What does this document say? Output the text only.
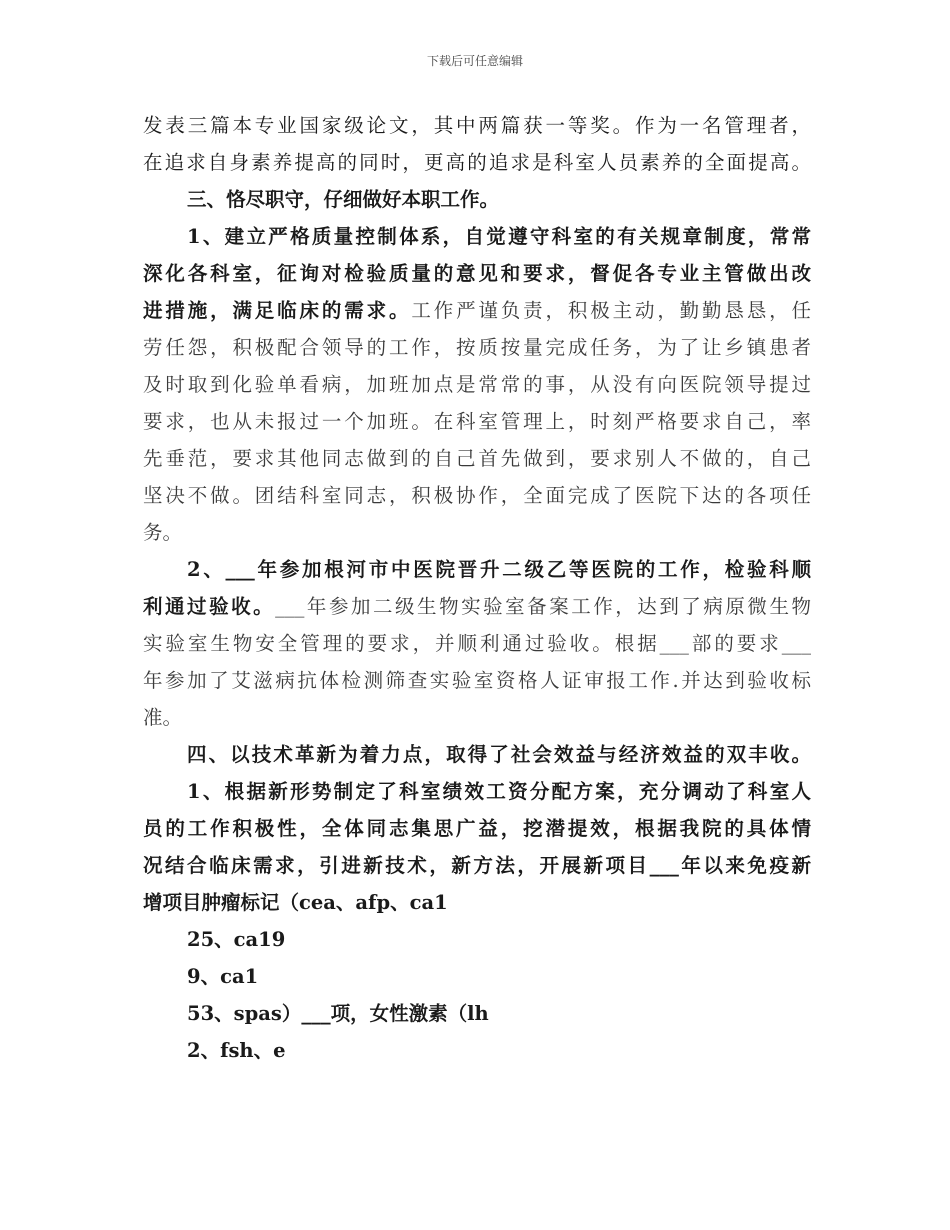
下载后可任意编辑
发表三篇本专业国家级论文，其中两篇获一等奖。作为一名管理者，
在追求自身素养提高的同时，更高的追求是科室人员素养的全面提高。
三、恪尽职守，仔细做好本职工作。
1、建立严格质量控制体系，自觉遵守科室的有关规章制度，常常
深化各科室，征询对检验质量的意见和要求，督促各专业主管做出改
进措施，满足临床的需求。工作严谨负责，积极主动，勤勤恳恳，任
劳任怨，积极配合领导的工作，按质按量完成任务，为了让乡镇患者
及时取到化验单看病，加班加点是常常的事，从没有向医院领导提过
要求，也从未报过一个加班。在科室管理上，时刻严格要求自己，率
先垂范，要求其他同志做到的自己首先做到，要求别人不做的，自己
坚决不做。团结科室同志，积极协作，全面完成了医院下达的各项任
务。
2、___年参加根河市中医院晋升二级乙等医院的工作，检验科顺
利通过验收。___年参加二级生物实验室备案工作，达到了病原微生物
实验室生物安全管理的要求，并顺利通过验收。根据___部的要求___
年参加了艾滋病抗体检测筛查实验室资格人证审报工作.并达到验收标
准。
四、以技术革新为着力点，取得了社会效益与经济效益的双丰收。
1、根据新形势制定了科室绩效工资分配方案，充分调动了科室人
员的工作积极性，全体同志集思广益，挖潜提效，根据我院的具体情
况结合临床需求，引进新技术，新方法，开展新项目___年以来免疫新
增项目肿瘤标记（cea、afp、ca1
25、ca19
9、ca1
53、spas）___项，女性激素（lh
2、fsh、e
